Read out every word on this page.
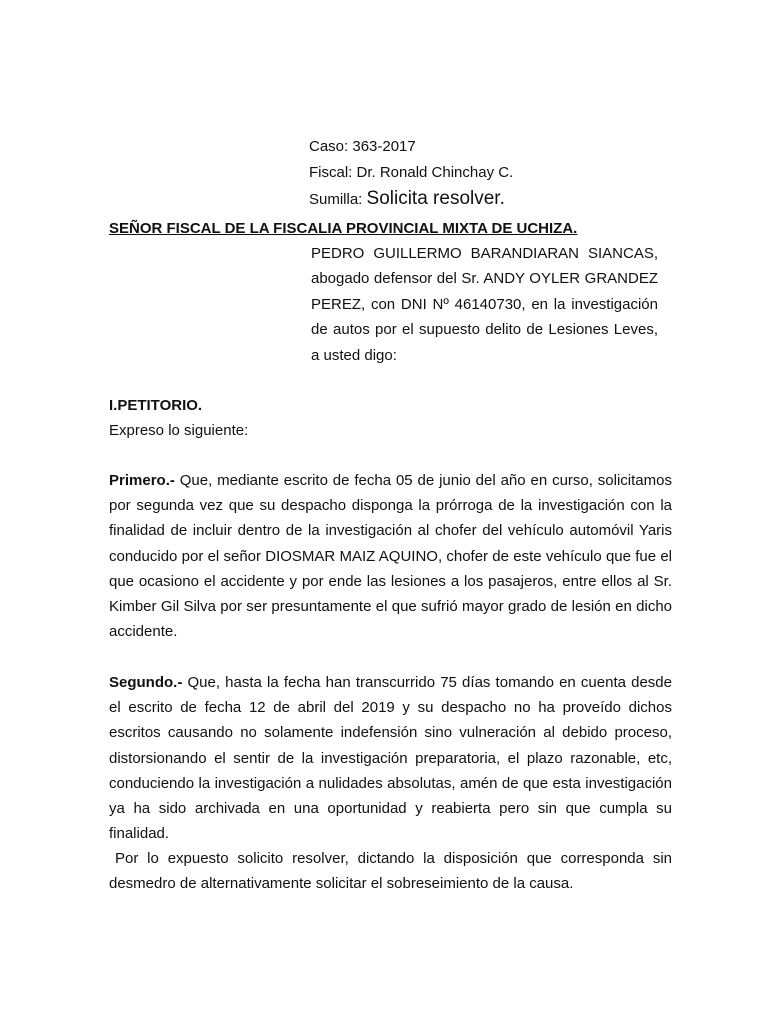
Caso: 363-2017
Fiscal: Dr. Ronald Chinchay C.
Sumilla: Solicita resolver.
SEÑOR FISCAL DE LA FISCALIA PROVINCIAL MIXTA DE UCHIZA.
PEDRO GUILLERMO BARANDIARAN SIANCAS, abogado defensor del Sr. ANDY OYLER GRANDEZ PEREZ, con DNI Nº 46140730, en la investigación de autos por el supuesto delito de Lesiones Leves, a usted digo:
I.PETITORIO.
Expreso lo siguiente:

Primero.- Que, mediante escrito de fecha 05 de junio del año en curso, solicitamos por segunda vez que su despacho disponga la prórroga de la investigación con la finalidad de incluir dentro de la investigación al chofer del vehículo automóvil Yaris conducido por el señor DIOSMAR MAIZ AQUINO, chofer de este vehículo que fue el que ocasiono el accidente y por ende las lesiones a los pasajeros, entre ellos al Sr. Kimber Gil Silva por ser presuntamente el que sufrió mayor grado de lesión en dicho accidente.

Segundo.- Que, hasta la fecha han transcurrido 75 días tomando en cuenta desde el escrito de fecha 12 de abril del 2019 y su despacho no ha proveído dichos escritos causando no solamente indefensión sino vulneración al debido proceso, distorsionando el sentir de la investigación preparatoria, el plazo razonable, etc, conduciendo la investigación a nulidades absolutas, amén de que esta investigación ya ha sido archivada en una oportunidad y reabierta pero sin que cumpla su finalidad.

Por lo expuesto solicito resolver, dictando la disposición que corresponda sin desmedro de alternativamente solicitar el sobreseimiento de la causa.
